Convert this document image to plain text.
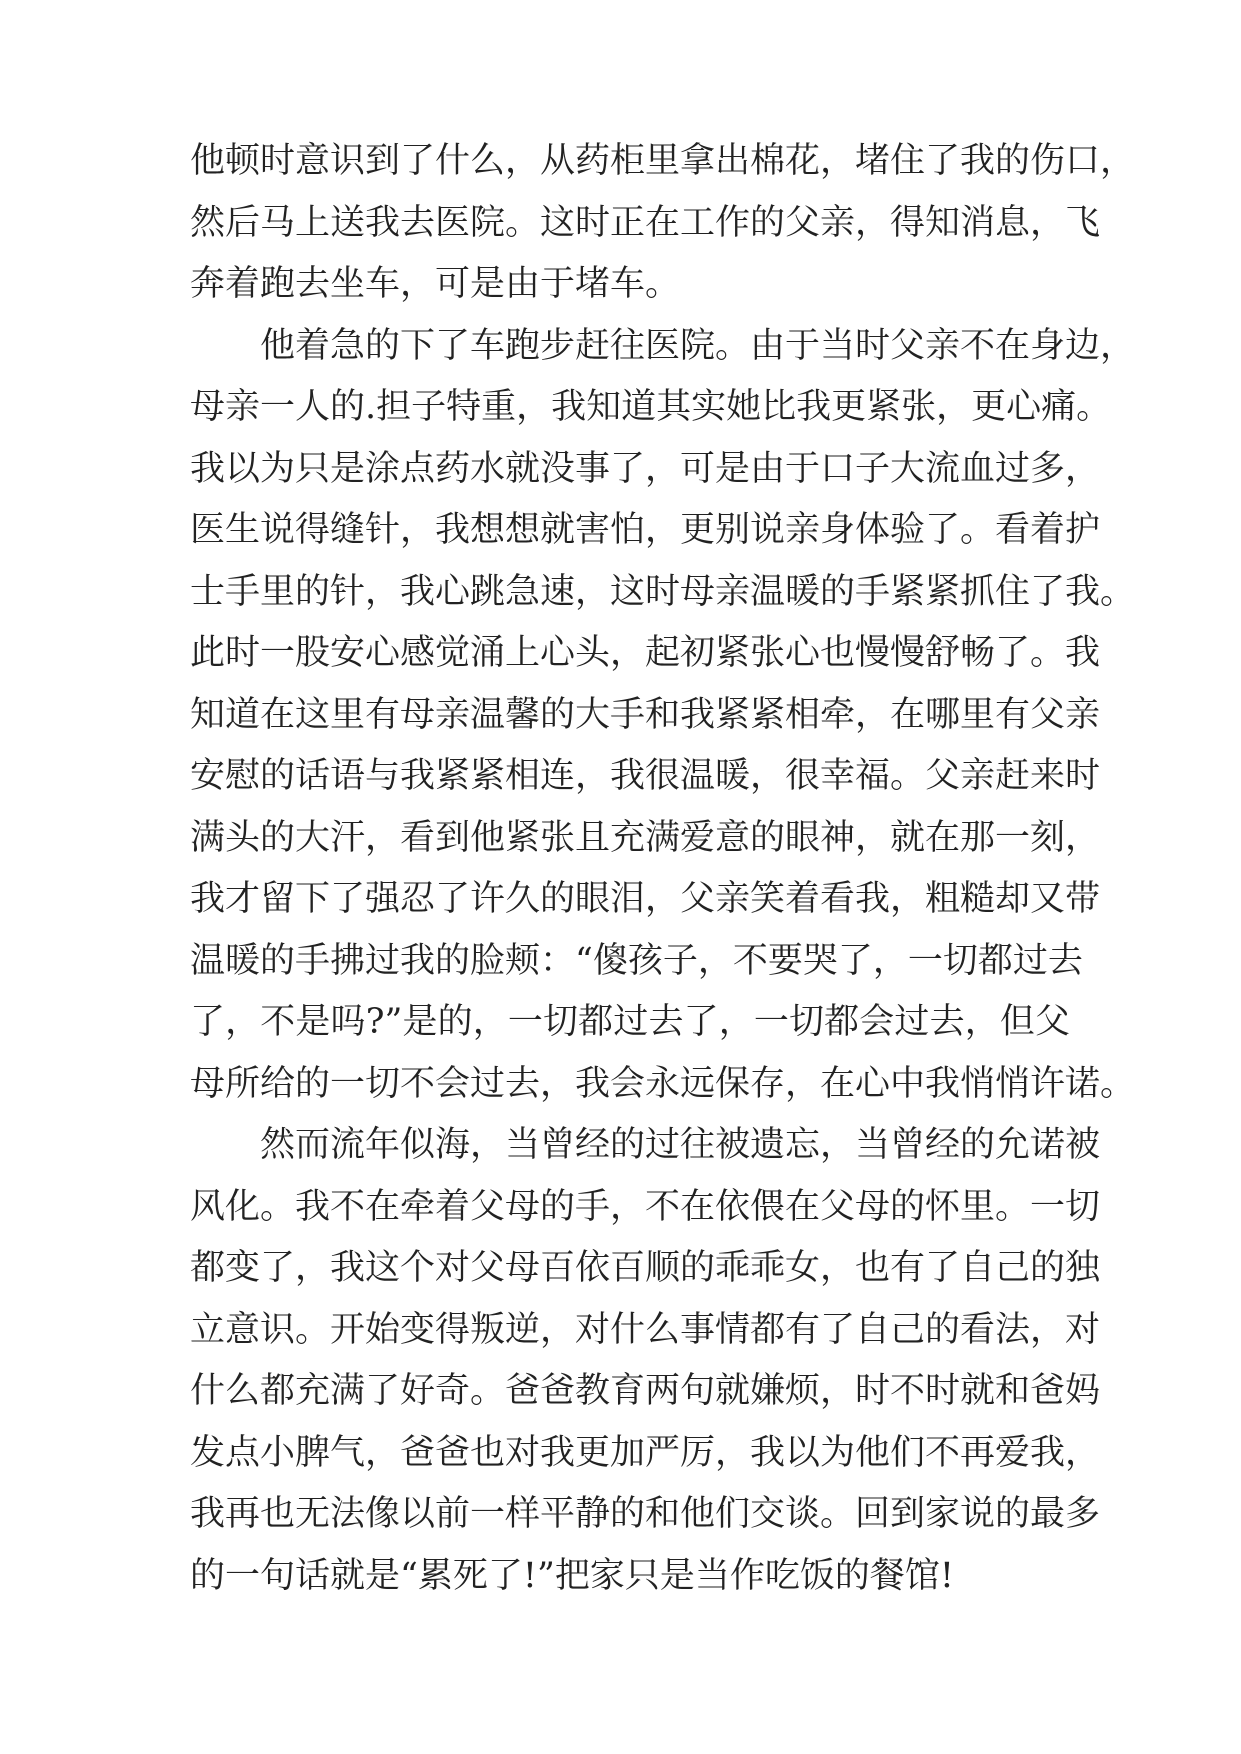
他顿时意识到了什么，从药柜里拿出棉花，堵住了我的伤口，
然后马上送我去医院。这时正在工作的父亲，得知消息，飞
奔着跑去坐车，可是由于堵车。
他着急的下了车跑步赶往医院。由于当时父亲不在身边，
母亲一人的.担子特重，我知道其实她比我更紧张，更心痛。
我以为只是涂点药水就没事了，可是由于口子大流血过多，
医生说得缝针，我想想就害怕，更别说亲身体验了。看着护
士手里的针，我心跳急速，这时母亲温暖的手紧紧抓住了我。
此时一股安心感觉涌上心头，起初紧张心也慢慢舒畅了。我
知道在这里有母亲温馨的大手和我紧紧相牵，在哪里有父亲
安慰的话语与我紧紧相连，我很温暖，很幸福。父亲赶来时
满头的大汗，看到他紧张且充满爱意的眼神，就在那一刻，
我才留下了强忍了许久的眼泪，父亲笑着看我，粗糙却又带
温暖的手拂过我的脸颊：“傻孩子，不要哭了，一切都过去
了，不是吗?”是的，一切都过去了，一切都会过去，但父
母所给的一切不会过去，我会永远保存，在心中我悄悄许诺。
然而流年似海，当曾经的过往被遗忘，当曾经的允诺被
风化。我不在牵着父母的手，不在依偎在父母的怀里。一切
都变了，我这个对父母百依百顺的乖乖女，也有了自己的独
立意识。开始变得叛逆，对什么事情都有了自己的看法，对
什么都充满了好奇。爸爸教育两句就嫌烦，时不时就和爸妈
发点小脾气，爸爸也对我更加严厉，我以为他们不再爱我，
我再也无法像以前一样平静的和他们交谈。回到家说的最多
的一句话就是“累死了!”把家只是当作吃饭的餐馆!
